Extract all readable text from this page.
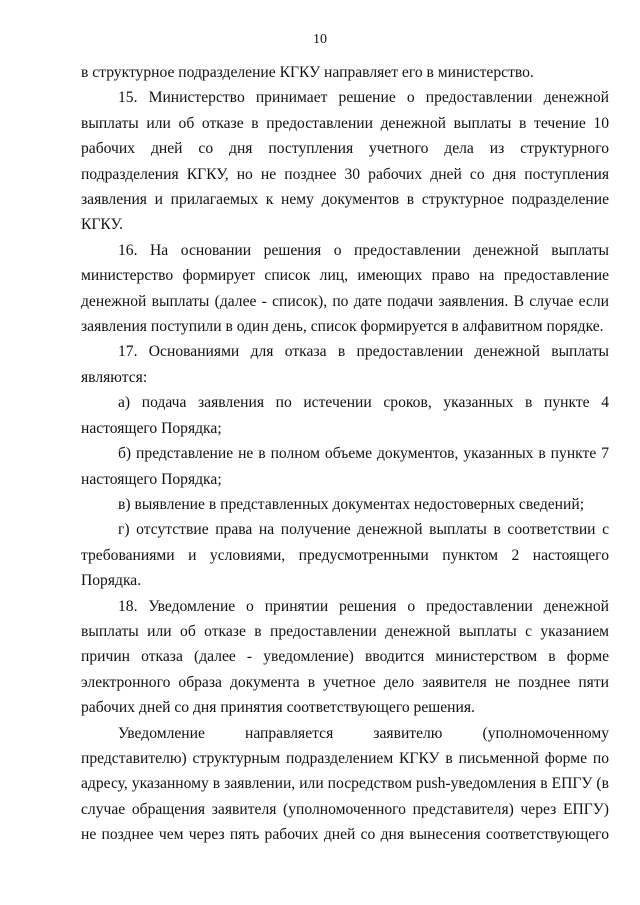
10

в структурное подразделение КГКУ направляет его в министерство.

15. Министерство принимает решение о предоставлении денежной выплаты или об отказе в предоставлении денежной выплаты в течение 10 рабочих дней со дня поступления учетного дела из структурного подразделения КГКУ, но не позднее 30 рабочих дней со дня поступления заявления и прилагаемых к нему документов в структурное подразделение КГКУ.

16. На основании решения о предоставлении денежной выплаты министерство формирует список лиц, имеющих право на предоставление денежной выплаты (далее - список), по дате подачи заявления. В случае если заявления поступили в один день, список формируется в алфавитном порядке.

17. Основаниями для отказа в предоставлении денежной выплаты являются:

а) подача заявления по истечении сроков, указанных в пункте 4 настоящего Порядка;

б) представление не в полном объеме документов, указанных в пункте 7 настоящего Порядка;

в) выявление в представленных документах недостоверных сведений;

г) отсутствие права на получение денежной выплаты в соответствии с требованиями и условиями, предусмотренными пунктом 2 настоящего Порядка.

18. Уведомление о принятии решения о предоставлении денежной выплаты или об отказе в предоставлении денежной выплаты с указанием причин отказа (далее - уведомление) вводится министерством в форме электронного образа документа в учетное дело заявителя не позднее пяти рабочих дней со дня принятия соответствующего решения.

Уведомление направляется заявителю (уполномоченному представителю) структурным подразделением КГКУ в письменной форме по адресу, указанному в заявлении, или посредством push-уведомления в ЕПГУ (в случае обращения заявителя (уполномоченного представителя) через ЕПГУ) не позднее чем через пять рабочих дней со дня вынесения соответствующего
